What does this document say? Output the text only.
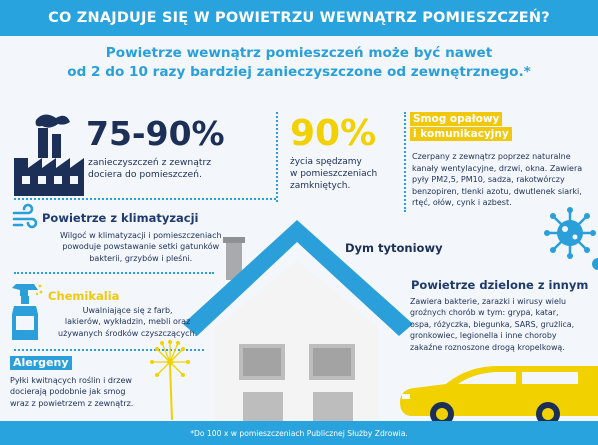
CO ZNAJDUJE SIĘ W POWIETRZU WEWNĄTRZ POMIESZCZEŃ?
Powietrze wewnątrz pomieszczeń może być nawet
od 2 do 10 razy bardziej zanieczyszczone od zewnętrznego.*
75-90%
zanieczyszczeń z zewnątrz
dociera do pomieszczeń.
90%
życia spędzamy
w pomieszczeniach
zamkniętych.
Smog opałowy
i komunikacyjny
Czerpany z zewnątrz poprzez naturalne
kanały wentylacyjne, drzwi, okna. Zawiera
pyły PM2,5, PM10, sadza, rakotwórczy
benzopiren, tlenki azotu, dwutlenek siarki,
rtęć, ołów, cynk i azbest.
Powietrze z klimatyzacji
Wilgoć w klimatyzacji i pomieszczeniach
powoduje powstawanie setki gatunków
bakterii, grzybów i pleśni.
Dym tytoniowy
Powietrze dzielone z innym
Zawiera bakterie, zarazki i wirusy wielu
groźnych chorób w tym: grypa, katar,
ospa, różyczka, biegunka, SARS, grużlica,
gronkowiec, legionella i inne choroby
zakaźne roznoszone drogą kropelkową.
Chemikalia
Uwalniające się z farb,
lakierów, wykładzin, mebli oraz
używanych środków czyszczących.
Alergeny
Pyłki kwitnących roślin i drzew
docierają podobnie jak smog
wraz z powietrzem z zewnątrz.
*Do 100 x w pomieszczeniach Publicznej Służby Zdrowia.
